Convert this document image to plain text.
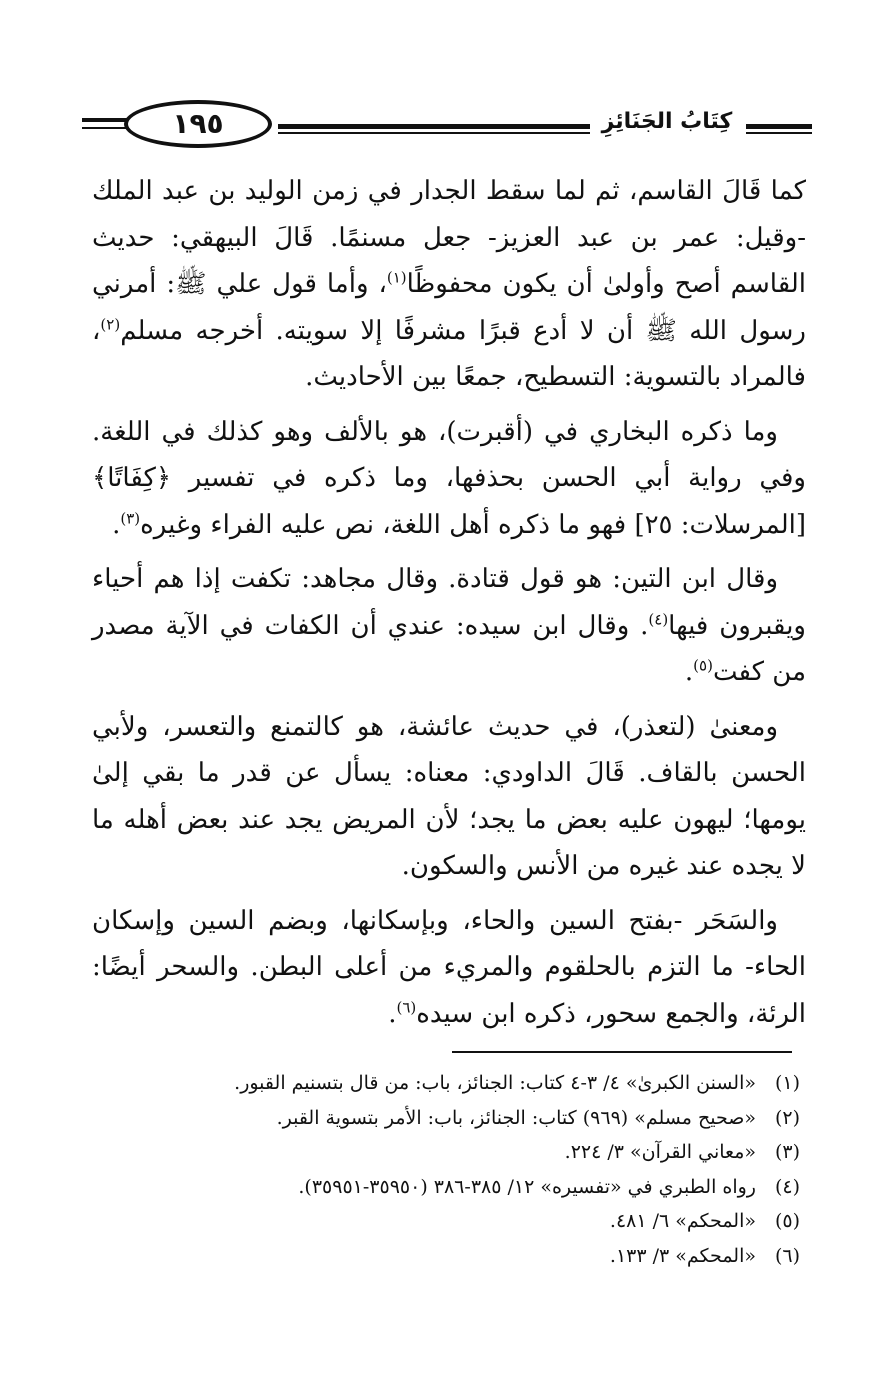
١٩٥	كِتَابُ الجَنَائِزِ

كما قَالَ القاسم، ثم لما سقط الجدار في زمن الوليد بن عبد الملك -وقيل: عمر بن عبد العزيز- جعل مسنمًا. قَالَ البيهقي: حديث القاسم أصح وأولىٰ أن يكون محفوظًا$^{(١)}$، وأما قول علي ﷺ: أمرني رسول الله ﷺ أن لا أدع قبرًا مشرفًا إلا سويته. أخرجه مسلم$^{(٢)}$، فالمراد بالتسوية: التسطيح، جمعًا بين الأحاديث.

وما ذكره البخاري في (أقبرت)، هو بالألف وهو كذلك في اللغة. وفي رواية أبي الحسن بحذفها، وما ذكره في تفسير ﴿كِفَاتًا﴾ [المرسلات: ٢٥] فهو ما ذكره أهل اللغة، نص عليه الفراء وغيره$^{(٣)}$.

وقال ابن التين: هو قول قتادة. وقال مجاهد: تكفت إذا هم أحياء ويقبرون فيها$^{(٤)}$. وقال ابن سيده: عندي أن الكفات في الآية مصدر من كفت$^{(٥)}$.

ومعنىٰ (لتعذر)، في حديث عائشة، هو كالتمنع والتعسر، ولأبي الحسن بالقاف. قَالَ الداودي: معناه: يسأل عن قدر ما بقي إلىٰ يومها؛ ليهون عليه بعض ما يجد؛ لأن المريض يجد عند بعض أهله ما لا يجده عند غيره من الأنس والسكون.

والسَحَر -بفتح السين والحاء، وبإسكانها، وبضم السين وإسكان الحاء- ما التزم بالحلقوم والمريء من أعلى البطن. والسحر أيضًا: الرئة، والجمع سحور، ذكره ابن سيده$^{(٦)}$.

(١)
«السنن الكبرىٰ» ٤/ ٣-٤ كتاب: الجنائز، باب: من قال بتسنيم القبور.
(٢)
«صحيح مسلم» (٩٦٩) كتاب: الجنائز، باب: الأمر بتسوية القبر.
(٣)
«معاني القرآن» ٣/ ٢٢٤.
(٤)
رواه الطبري في «تفسيره» ١٢/ ٣٨٥-٣٨٦ (٣٥٩٥٠-٣٥٩٥١).
(٥)
«المحكم» ٦/ ٤٨١.
(٦)
«المحكم» ٣/ ١٣٣.
